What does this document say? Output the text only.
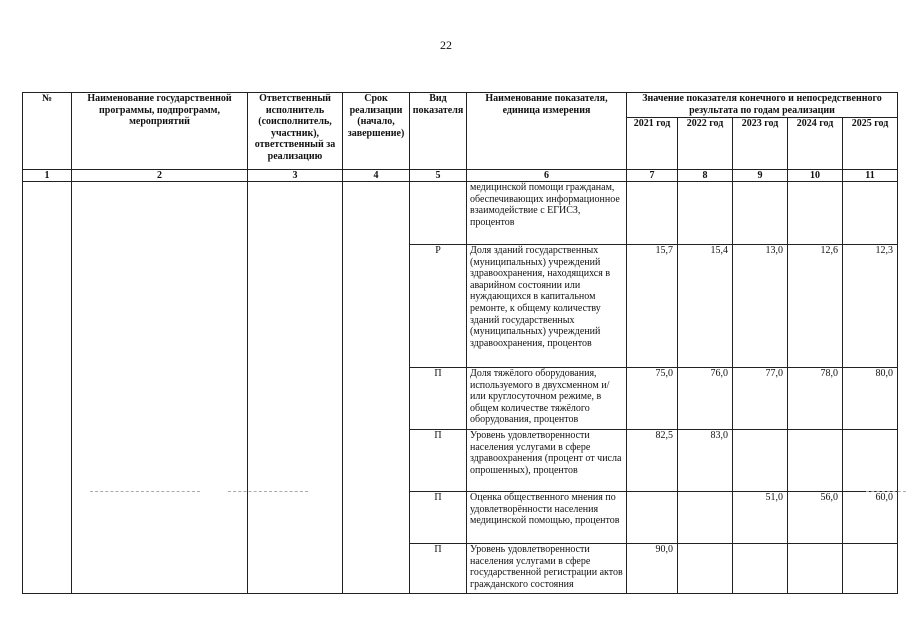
22
№	Наименование государственной программы, подпрограмм, мероприятий	Ответственный исполнитель (соисполнитель, участник), ответственный за реализацию	Срок реализации (начало, завершение)	Вид показателя	Наименование показателя, единица измерения	Значение показателя конечного и непосредственного результата по годам реализации				
						2021 год	2022 год	2023 год	2024 год	2025 год
1	2	3	4	5	6	7	8	9	10	11
					медицинской помощи гражданам, обеспечивающих информационное взаимодействие с ЕГИСЗ, процентов					
				Р	Доля зданий государственных (муниципальных) учреждений здравоохранения, находящихся в аварийном состоянии или нуждающихся в капитальном ремонте, к общему количеству зданий государственных (муниципальных) учреждений здравоохранения, процентов	15,7	15,4	13,0	12,6	12,3
				П	Доля тяжёлого оборудования, используемого в двухсменном и/или круглосуточном режиме, в общем количестве тяжёлого оборудования, процентов	75,0	76,0	77,0	78,0	80,0
				П	Уровень удовлетворенности населения услугами в сфере здравоохранения (процент от числа опрошенных), процентов	82,5	83,0			
				П	Оценка общественного мнения по удовлетворённости населения медицинской помощью, процентов			51,0	56,0	60,0
				П	Уровень удовлетворенности населения услугами в сфере государственной регистрации актов гражданского состояния	90,0				
